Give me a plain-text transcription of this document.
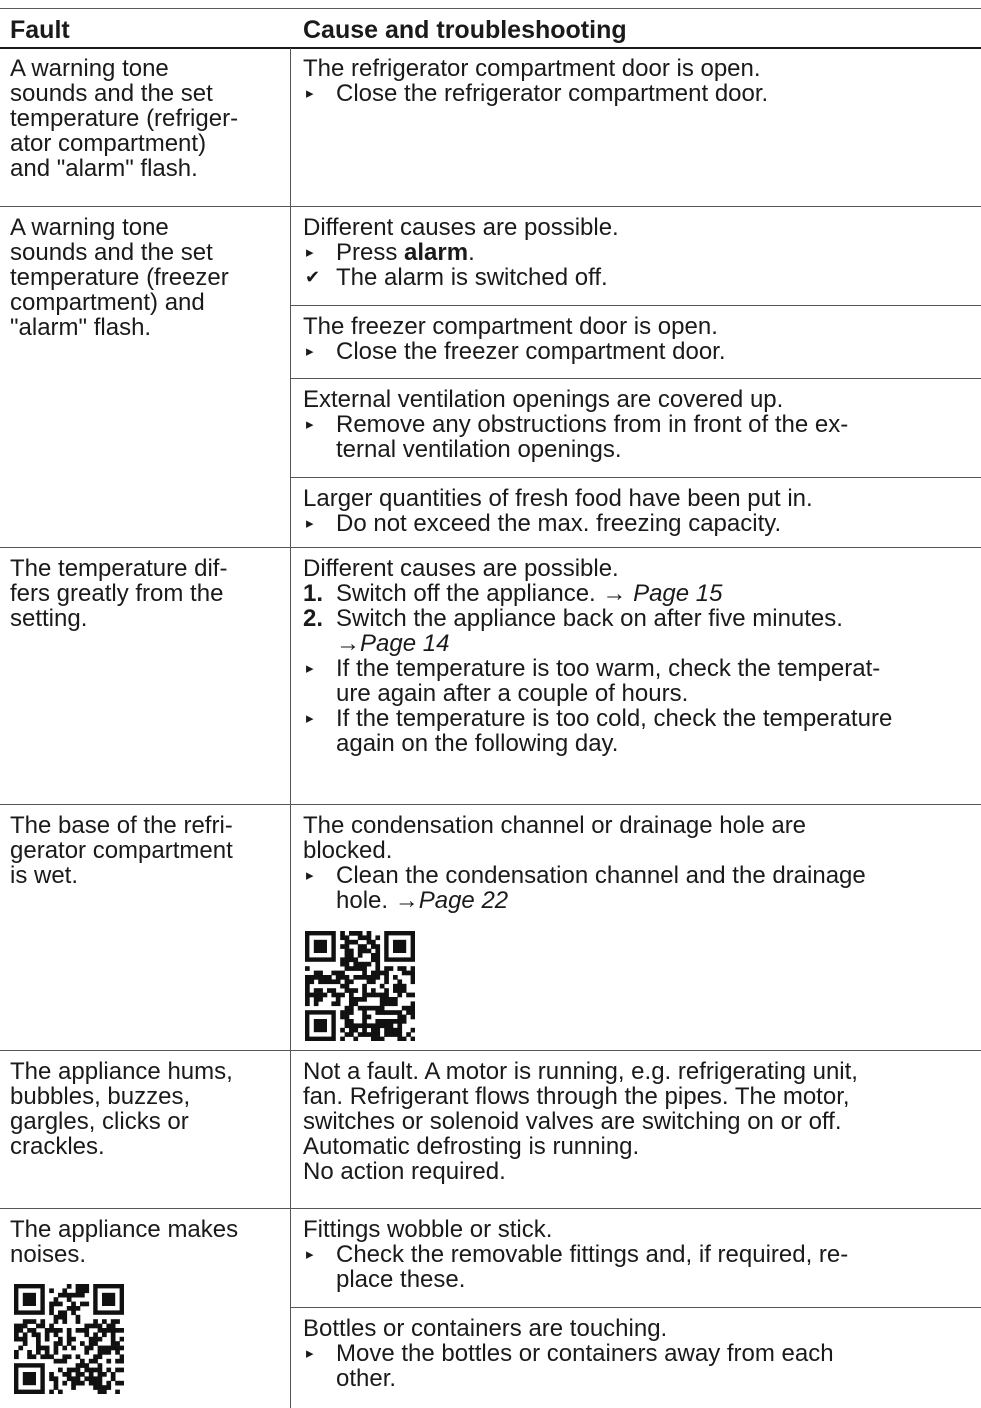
Fault	Cause and troubleshooting
A warning tone
sounds and the set
temperature (refriger-
ator compartment)
and "alarm" flash.
The refrigerator compartment door is open.
▸ Close the refrigerator compartment door.
A warning tone
sounds and the set
temperature (freezer
compartment) and
"alarm" flash.
Different causes are possible.
▸ Press alarm.
✔ The alarm is switched off.
The freezer compartment door is open.
▸ Close the freezer compartment door.
External ventilation openings are covered up.
▸ Remove any obstructions from in front of the ex-
ternal ventilation openings.
Larger quantities of fresh food have been put in.
▸ Do not exceed the max. freezing capacity.
The temperature dif-
fers greatly from the
setting.
Different causes are possible.
1. Switch off the appliance. → Page 15
2. Switch the appliance back on after five minutes.
→Page 14
▸ If the temperature is too warm, check the temperat-
ure again after a couple of hours.
▸ If the temperature is too cold, check the temperature
again on the following day.
The base of the refri-
gerator compartment
is wet.
The condensation channel or drainage hole are
blocked.
▸ Clean the condensation channel and the drainage
hole. →Page 22
The appliance hums,
bubbles, buzzes,
gargles, clicks or
crackles.
Not a fault. A motor is running, e.g. refrigerating unit,
fan. Refrigerant flows through the pipes. The motor,
switches or solenoid valves are switching on or off.
Automatic defrosting is running.
No action required.
The appliance makes
noises.
Fittings wobble or stick.
▸ Check the removable fittings and, if required, re-
place these.
Bottles or containers are touching.
▸ Move the bottles or containers away from each
other.
